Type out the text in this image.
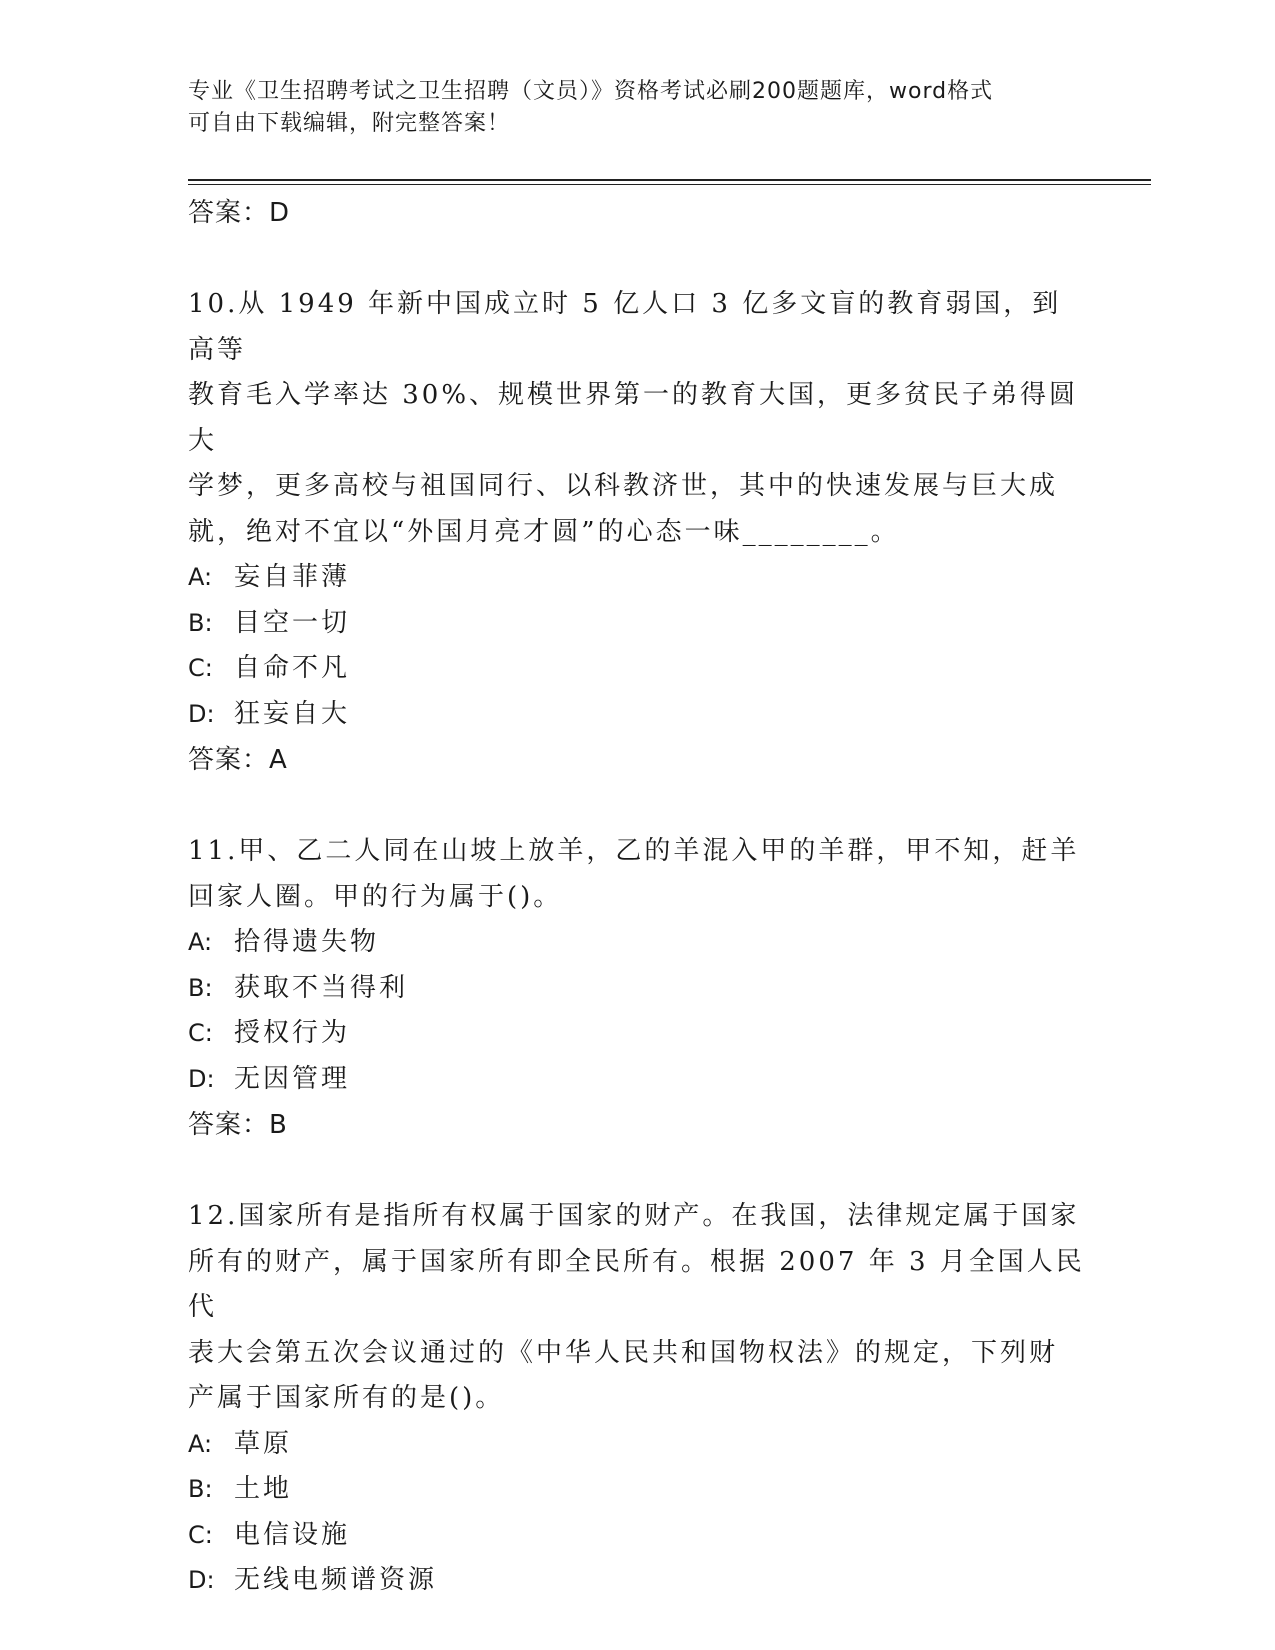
专业《卫生招聘考试之卫生招聘（文员）》资格考试必刷200题题库，word格式
可自由下载编辑，附完整答案！
答案：D
10.从 1949 年新中国成立时 5 亿人口 3 亿多文盲的教育弱国，到高等
教育毛入学率达 30%、规模世界第一的教育大国，更多贫民子弟得圆大
学梦，更多高校与祖国同行、以科教济世，其中的快速发展与巨大成
就，绝对不宜以“外国月亮才圆”的心态一味________。
A: 妄自菲薄
B: 目空一切
C: 自命不凡
D: 狂妄自大
答案：A
11.甲、乙二人同在山坡上放羊，乙的羊混入甲的羊群，甲不知，赶羊
回家人圈。甲的行为属于()。
A: 拾得遗失物
B: 获取不当得利
C: 授权行为
D: 无因管理
答案：B
12.国家所有是指所有权属于国家的财产。在我国，法律规定属于国家
所有的财产，属于国家所有即全民所有。根据 2007 年 3 月全国人民代
表大会第五次会议通过的《中华人民共和国物权法》的规定，下列财
产属于国家所有的是()。
A: 草原
B: 土地
C: 电信设施
D: 无线电频谱资源
